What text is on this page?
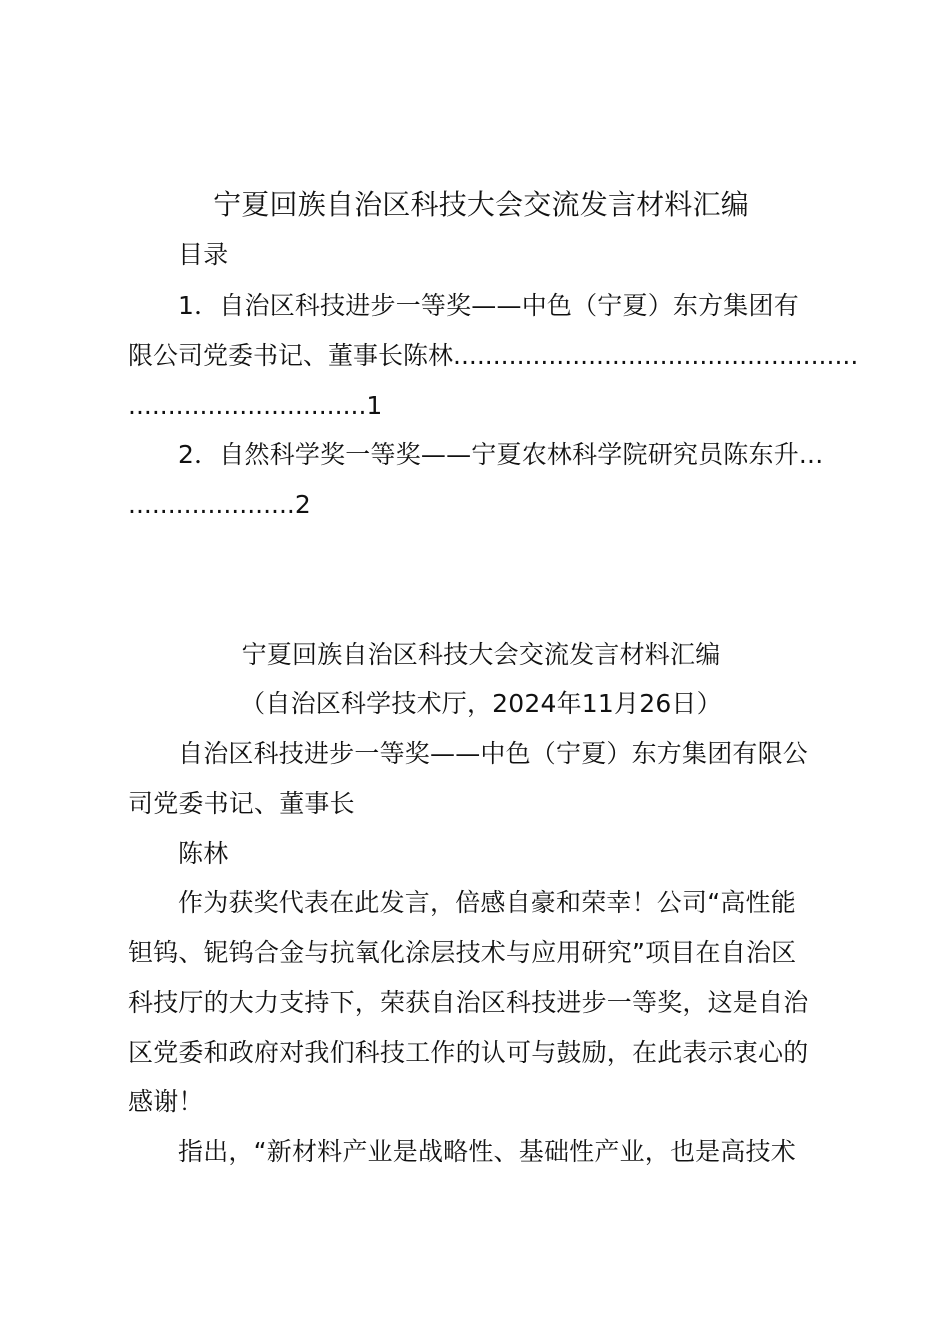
宁夏回族自治区科技大会交流发言材料汇编
目录
1．自治区科技进步一等奖——中色（宁夏）东方集团有
限公司党委书记、董事长陈林...................................................
..............................1
2．自然科学奖一等奖——宁夏农林科学院研究员陈东升...
.....................2
宁夏回族自治区科技大会交流发言材料汇编
（自治区科学技术厅，2024年11月26日）
自治区科技进步一等奖——中色（宁夏）东方集团有限公
司党委书记、董事长
陈林
作为获奖代表在此发言，倍感自豪和荣幸！公司“高性能
钽钨、铌钨合金与抗氧化涂层技术与应用研究”项目在自治区
科技厅的大力支持下，荣获自治区科技进步一等奖，这是自治
区党委和政府对我们科技工作的认可与鼓励，在此表示衷心的
感谢！
指出，“新材料产业是战略性、基础性产业，也是高技术
